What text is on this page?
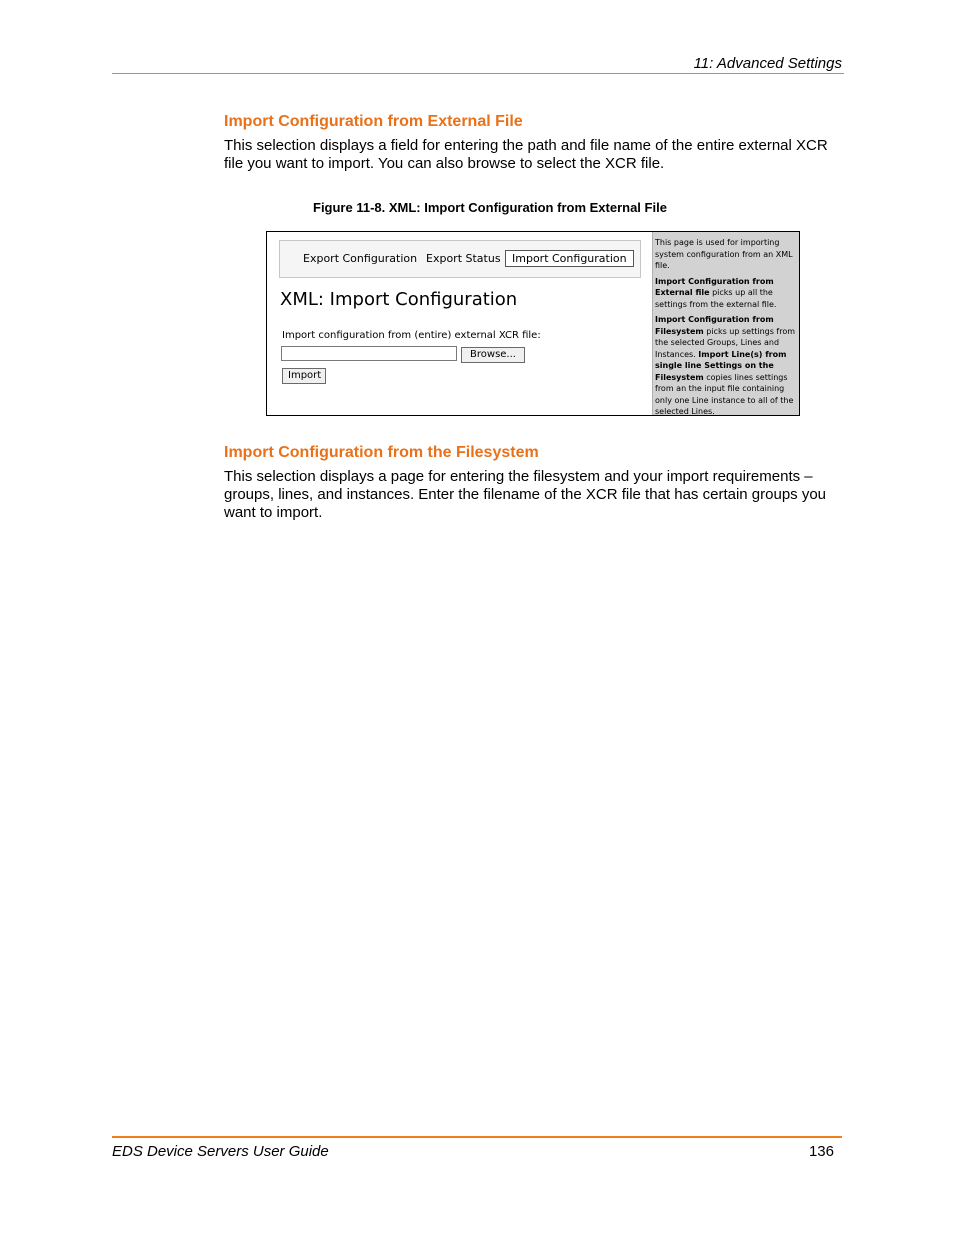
11: Advanced Settings
Import Configuration from External File
This selection displays a field for entering the path and file name of the entire external XCR file you want to import. You can also browse to select the XCR file.
Figure 11-8. XML: Import Configuration from External File
Export Configuration Export Status	Import Configuration
XML: Import Configuration
Import configuration from (entire) external XCR file:
Browse...
Import

This page is used for importing system configuration from an XML file.

Import Configuration from External file picks up all the settings from the external file.

Import Configuration from Filesystem picks up settings from the selected Groups, Lines and Instances. Import Line(s) from single line Settings on the Filesystem copies lines settings from an the input file containing only one Line instance to all of the selected Lines.

Import Configuration from the Filesystem
This selection displays a page for entering the filesystem and your import requirements – groups, lines, and instances. Enter the filename of the XCR file that has certain groups you want to import.
EDS Device Servers User Guide	136
